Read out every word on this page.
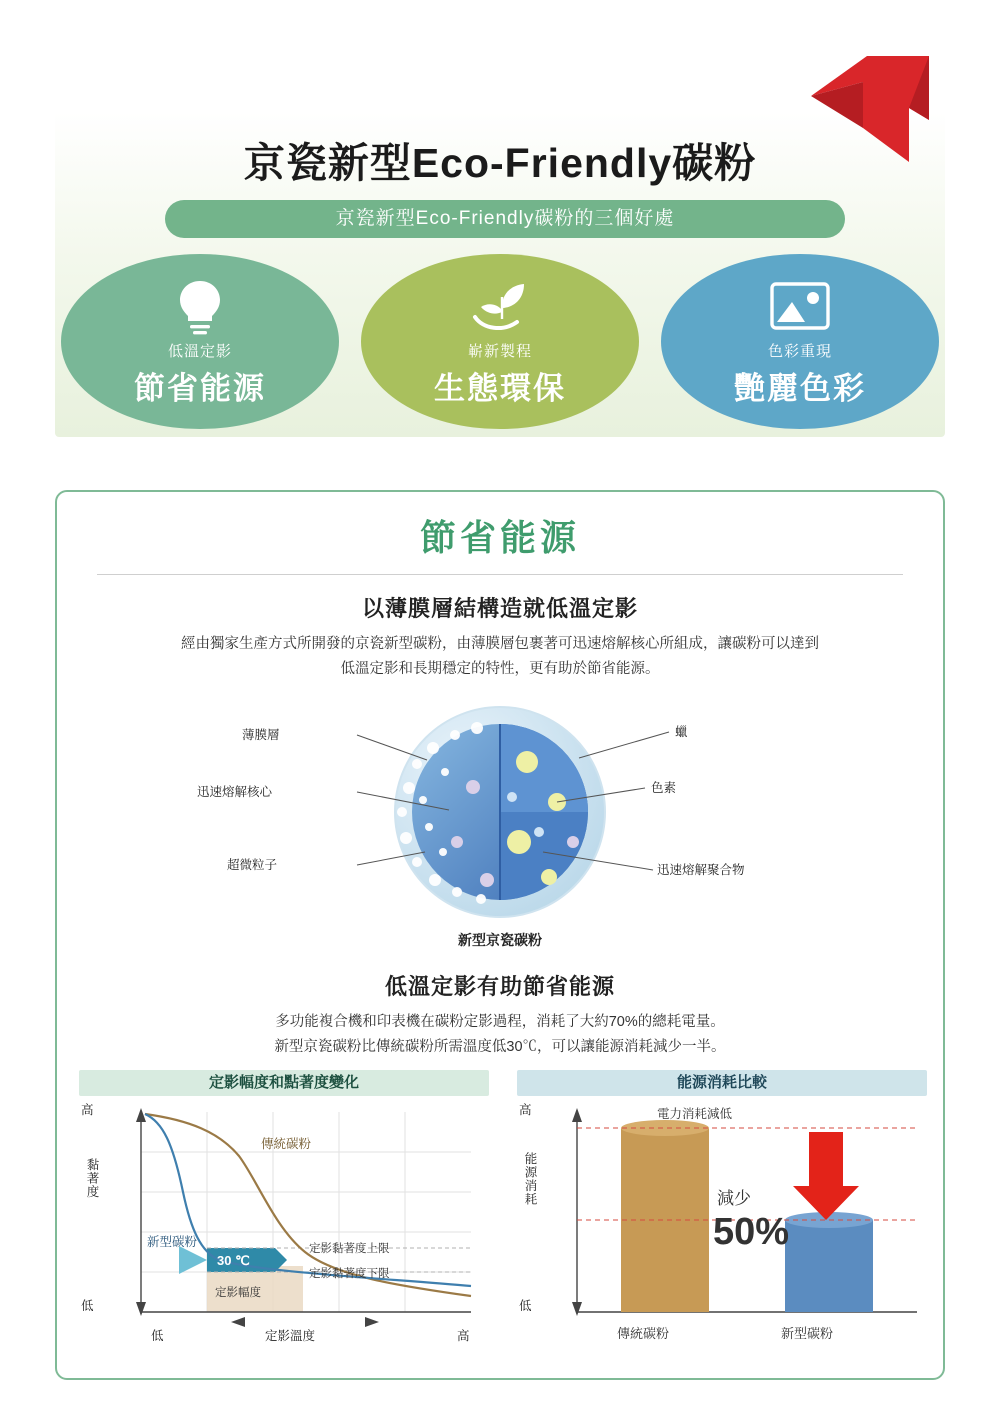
京瓷新型Eco-Friendly碳粉
京瓷新型Eco-Friendly碳粉的三個好處
低溫定影
節省能源
嶄新製程
生態環保
色彩重現
艷麗色彩
節省能源
以薄膜層結構造就低溫定影
經由獨家生產方式所開發的京瓷新型碳粉，由薄膜層包裹著可迅速熔解核心所組成，讓碳粉可以達到
低溫定影和長期穩定的特性，更有助於節省能源。
薄膜層
迅速熔解核心
超微粒子
蠟
色素
迅速熔解聚合物
新型京瓷碳粉
低溫定影有助節省能源
多功能複合機和印表機在碳粉定影過程，消耗了大約70%的總耗電量。
新型京瓷碳粉比傳統碳粉所需溫度低30℃，可以讓能源消耗減少一半。
定影幅度和點著度變化
傳統碳粉
新型碳粉
30 ℃
定影黏著度上限
定影黏著度下限
定影幅度
高
黏著度
低
低	定影溫度	高
能源消耗比較
減少
50%
電力消耗減低
傳統碳粉	新型碳粉
高
能源消耗
低
